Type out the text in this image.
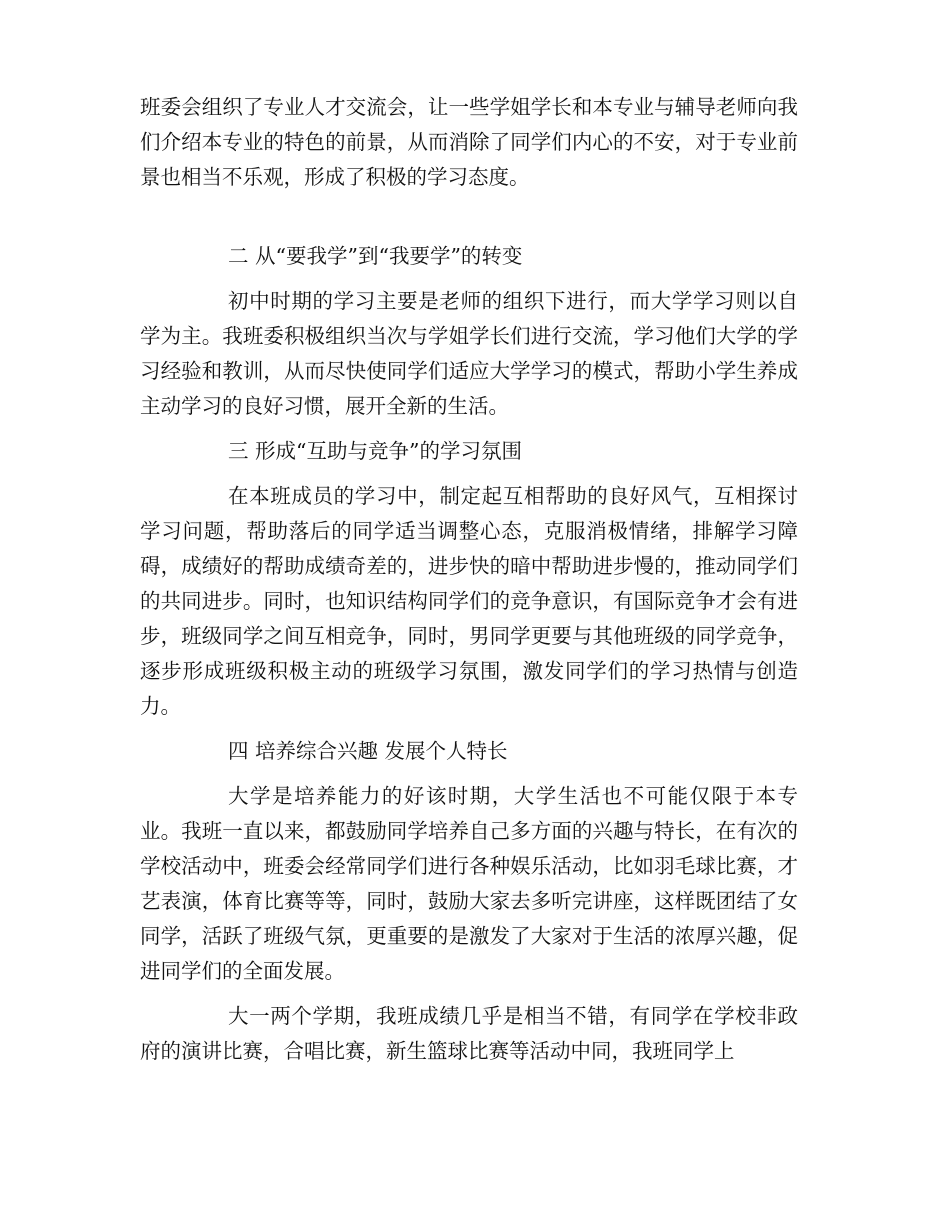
班委会组织了专业人才交流会，让一些学姐学长和本专业与辅导老师向我们介绍本专业的特色的前景，从而消除了同学们内心的不安，对于专业前景也相当不乐观，形成了积极的学习态度。

二 从“要我学”到“我要学”的转变

初中时期的学习主要是老师的组织下进行，而大学学习则以自学为主。我班委积极组织当次与学姐学长们进行交流，学习他们大学的学习经验和教训，从而尽快使同学们适应大学学习的模式，帮助小学生养成主动学习的良好习惯，展开全新的生活。

三 形成“互助与竞争”的学习氛围

在本班成员的学习中，制定起互相帮助的良好风气，互相探讨学习问题，帮助落后的同学适当调整心态，克服消极情绪，排解学习障碍，成绩好的帮助成绩奇差的，进步快的暗中帮助进步慢的，推动同学们的共同进步。同时，也知识结构同学们的竞争意识，有国际竞争才会有进步，班级同学之间互相竞争，同时，男同学更要与其他班级的同学竞争，逐步形成班级积极主动的班级学习氛围，激发同学们的学习热情与创造力。

四 培养综合兴趣 发展个人特长

大学是培养能力的好该时期，大学生活也不可能仅限于本专业。我班一直以来，都鼓励同学培养自己多方面的兴趣与特长，在有次的学校活动中，班委会经常同学们进行各种娱乐活动，比如羽毛球比赛，才艺表演，体育比赛等等，同时，鼓励大家去多听完讲座，这样既团结了女同学，活跃了班级气氛，更重要的是激发了大家对于生活的浓厚兴趣，促进同学们的全面发展。

大一两个学期，我班成绩几乎是相当不错，有同学在学校非政府的演讲比赛，合唱比赛，新生篮球比赛等活动中同，我班同学上
